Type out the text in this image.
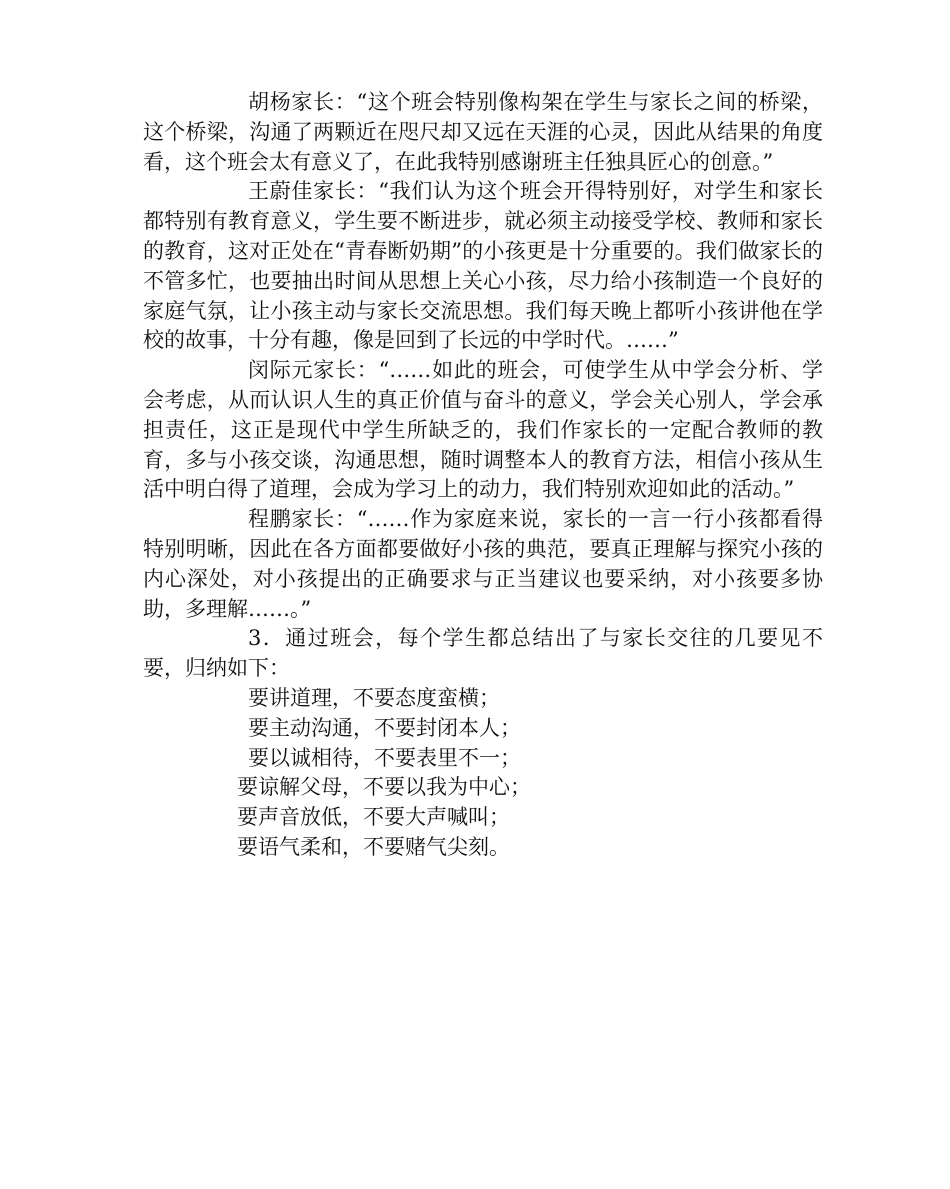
胡杨家长：“这个班会特别像构架在学生与家长之间的桥梁，这个桥梁，沟通了两颗近在咫尺却又远在天涯的心灵，因此从结果的角度看，这个班会太有意义了，在此我特别感谢班主任独具匠心的创意。”

王蔚佳家长：“我们认为这个班会开得特别好，对学生和家长都特别有教育意义，学生要不断进步，就必须主动接受学校、教师和家长的教育，这对正处在“青春断奶期”的小孩更是十分重要的。我们做家长的不管多忙，也要抽出时间从思想上关心小孩，尽力给小孩制造一个良好的家庭气氛，让小孩主动与家长交流思想。我们每天晚上都听小孩讲他在学校的故事，十分有趣，像是回到了长远的中学时代。……”

闵际元家长：“……如此的班会，可使学生从中学会分析、学会考虑，从而认识人生的真正价值与奋斗的意义，学会关心别人，学会承担责任，这正是现代中学生所缺乏的，我们作家长的一定配合教师的教育，多与小孩交谈，沟通思想，随时调整本人的教育方法，相信小孩从生活中明白得了道理，会成为学习上的动力，我们特别欢迎如此的活动。”

程鹏家长：“……作为家庭来说，家长的一言一行小孩都看得特别明晰，因此在各方面都要做好小孩的典范，要真正理解与探究小孩的内心深处，对小孩提出的正确要求与正当建议也要采纳，对小孩要多协助，多理解……。”

3．通过班会，每个学生都总结出了与家长交往的几要见不要，归纳如下：

要讲道理，不要态度蛮横；

要主动沟通，不要封闭本人；

要以诚相待，不要表里不一；

要谅解父母，不要以我为中心；

要声音放低，不要大声喊叫；

要语气柔和，不要赌气尖刻。
